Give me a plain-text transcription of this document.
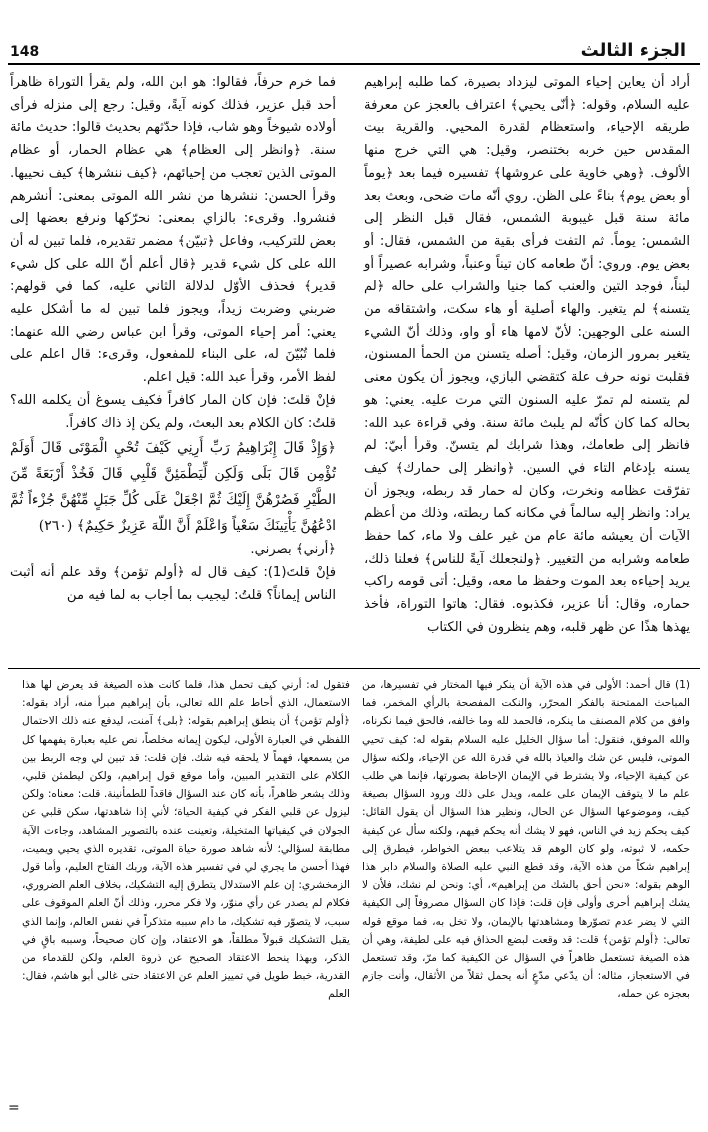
148	الجزء الثالث

أراد أن يعاين إحياء الموتى ليزداد بصيرة، كما طلبه إبراهيم عليه السلام، وقوله: ﴿أنّى يحيي﴾ اعتراف بالعجز عن معرفة طريقه الإحياء، واستعظام لقدرة المحيي. والقرية بيت المقدس حين خربه بختنصر، وقيل: هي التي خرج منها الألوف. ﴿وهي خاوية على عروشها﴾ تفسيره فيما بعد ﴿يوماً أو بعض يوم﴾ بناءً على الظن. روي أنّه مات ضحى، وبعث بعد مائة سنة قبل غيبوبة الشمس، فقال قبل النظر إلى الشمس: يوماً. ثم التفت فرأى بقية من الشمس، فقال: أو بعض يوم. وروي: أنّ طعامه كان تيناً وعنباً، وشرابه عصيراً أو لبناً، فوجد التين والعنب كما جنيا والشراب على حاله ﴿لم يتسنه﴾ لم يتغير. والهاء أصلية أو هاء سكت، واشتقاقه من السنه على الوجهين: لأنّ لامها هاء أو واو، وذلك أنّ الشيء يتغير بمرور الزمان، وقيل: أصله يتسنن من الحمأ المسنون، فقلبت نونه حرف علة كتقضي البازي، ويجوز أن يكون معنى لم يتسنه لم تمرّ عليه السنون التي مرت عليه. يعني: هو بحاله كما كان كأنّه لم يلبث مائة سنة. وفي قراءة عبد الله: فانظر إلى طعامك، وهذا شرابك لم يتسنّ. وقرأ أبيّ: لم يسنه بإدغام التاء في السين. ﴿وانظر إلى حمارك﴾ كيف تفرّقت عظامه ونخرت، وكان له حمار قد ربطه، ويجوز أن يراد: وانظر إليه سالماً في مكانه كما ربطته، وذلك من أعظم الآيات أن يعيشه مائة عام من غير علف ولا ماء، كما حفظ طعامه وشرابه من التغيير. ﴿ولنجعلك آيةً للناس﴾ فعلنا ذلك، يريد إحياءه بعد الموت وحفظ ما معه، وقيل: أتى قومه راكب حماره، وقال: أنا عزير، فكذبوه. فقال: هاتوا التوراة، فأخذ يهذها هذًا عن ظهر قلبه، وهم ينظرون في الكتاب

فما خرم حرفاً، فقالوا: هو ابن الله، ولم يقرأ التوراة ظاهراً أحد قبل عزير، فذلك كونه آيةً، وقيل: رجع إلى منزله فرأى أولاده شيوخاً وهو شاب، فإذا حدّثهم بحديث قالوا: حديث مائة سنة. ﴿وانظر إلى العظام﴾ هي عظام الحمار، أو عظام الموتى الذين تعجب من إحيائهم، ﴿كيف ننشرها﴾ كيف نحييها. وقرأ الحسن: ننشرها من نشر الله الموتى بمعنى: أنشرهم فنشروا. وقرىء: بالزاي بمعنى: نحرّكها ونرفع بعضها إلى بعض للتركيب، وفاعل ﴿تبيّن﴾ مضمر تقديره، فلما تبين له أن الله على كل شيء قدير ﴿قال أعلم أنّ الله على كل شيء قدير﴾ فحذف الأوّل لدلالة الثاني عليه، كما في قولهم: ضربني وضربت زيداً، ويجوز فلما تبين له ما أشكل عليه يعني: أمر إحياء الموتى، وقرأ ابن عباس رضي الله عنهما: فلما تُبُيّنَ له، على البناء للمفعول، وقرىء: قال اعلم على لفظ الأمر، وقرأ عبد الله: قيل اعلم.

فإنْ قلتَ: فإن كان المار كافراً فكيف يسوغ أن يكلمه الله؟ قلتُ: كان الكلام بعد البعث، ولم يكن إذ ذاك كافراً.

﴿وَإِذْ قَالَ إِبْرَاهِيمُ رَبِّ أَرِنِي كَيْفَ تُحْيِ الْمَوْتَى قَالَ أَوَلَمْ تُؤْمِن قَالَ بَلَى وَلَكِن لِّيَطْمَئِنَّ قَلْبِي قَالَ فَخُذْ أَرْبَعَةً مِّنَ الطَّيْرِ فَصُرْهُنَّ إِلَيْكَ ثُمَّ اجْعَلْ عَلَى كُلِّ جَبَلٍ مِّنْهُنَّ جُزْءاً ثُمَّ ادْعُهُنَّ يَأْتِينَكَ سَعْياً وَاعْلَمْ أَنَّ اللّهَ عَزِيزٌ حَكِيمٌ﴾ (٢٦٠)

﴿أرني﴾ بصرني.

فإنْ قلتَ(1): كيف قال له ﴿أولم تؤمن﴾ وقد علم أنه أثبت الناس إيماناً؟ قلتُ: ليجيب بما أجاب به لما فيه من

(1) قال أحمد: الأولى في هذه الآية أن ينكر فيها المختار في تفسيرها، من المباحث الممتحنة بالفكر المحرّر، والنكت المفصحة بالرأي المخمر، فما وافق من كلام المصنف ما ينكره، فالحمد لله وما خالفه، فالحق فيما نكرناه، والله الموفق، فنقول: أما سؤال الخليل عليه السلام بقوله له: كيف تحيي الموتى، فليس عن شك والعياذ بالله في قدرة الله عن الإحياء، ولكنه سؤال عن كيفية الإحياء، ولا يشترط في الإيمان الإحاطة بصورتها، فإنما هي طلب علم ما لا يتوقف الإيمان على علمه، ويدل على ذلك ورود السؤال بصيغة كيف، وموضوعها السؤال عن الحال، ونظير هذا السؤال أن يقول القائل: كيف يحكم زيد في الناس، فهو لا يشك أنه يحكم فيهم، ولكنه سأل عن كيفية حكمه، لا ثبوته، ولو كان الوهم قد يتلاعب ببعض الخواطر، فيطرق إلى إبراهيم شكاً من هذه الآية، وقد قطع النبي عليه الصلاة والسلام دابر هذا الوهم بقوله: «نحن أحق بالشك من إبراهيم»، أي: ونحن لم نشك، فلأن لا يشك إبراهيم أحرى وأولى فإن قلت: فإذا كان السؤال مصروفاً إلى الكيفية التي لا يضر عدم تصوّرها ومشاهدتها بالإيمان، ولا تخل به، فما موقع قوله تعالى: ﴿أولم تؤمن﴾ قلت: قد وقعت لبضع الحذاق فيه على لطيفة، وهي أن هذه الصيغة تستعمل ظاهراً في السؤال عن الكيفية كما مرّ، وقد تستعمل في الاستعجاز، مثاله: أن يدّعي مدّعٍ أنه يحمل ثقلاً من الأثقال، وأنت جازم بعجزه عن حمله،

فتقول له: أرني كيف تحمل هذا، فلما كانت هذه الصيغة قد يعرض لها هذا الاستعمال، الذي أحاط علم الله تعالى، بأن إبراهيم مبرأ منه، أراد بقوله: ﴿أولم تؤمن﴾ أن ينطق إبراهيم بقوله: ﴿بلى﴾ آمنت، ليدفع عنه ذلك الاحتمال اللفظي في العبارة الأولى، ليكون إيمانه مخلصاً، نص عليه بعبارة يفهمها كل من يسمعها، فهماً لا يلحقه فيه شك. فإن قلت: قد تبين لي وجه الربط بين الكلام على التقدير المبين، وأما موقع قول إبراهيم، ولكن ليطمئن قلبي، وذلك يشعر ظاهراً، بأنه كان عند السؤال فاقداً للطمأنينة. قلت: معناه: ولكن ليزول عن قلبي الفكر في كيفية الحياة؛ لأني إذا شاهدتها، سكن قلبي عن الجولان في كيفياتها المتخيلة، وتعينت عنده بالتصوير المشاهد، وجاءت الآية مطابقة لسؤالي؛ لأنه شاهد صورة حياة الموتى، تقديره الذي يحيي ويميت، فهذا أحسن ما يجري لي في تفسير هذه الآية، وربك الفتاح العليم، وأما قول الزمخشري: إن علم الاستدلال يتطرق إليه التشكيك، بخلاف العلم الضروري، فكلام لم يصدر عن رأي منوّر، ولا فكر محرر، وذلك أنّ العلم الموقوف على سبب، لا يتصوّر فيه تشكيك، ما دام سببه متذكراً في نفس العالم، وإنما الذي يقبل التشكيك قبولاً مطلقاً، هو الاعتقاد، وإن كان صحيحاً، وسببه باقٍ في الذكر، وبهذا ينحط الاعتقاد الصحيح عن ذروة العلم، ولكن للقدماء من القدرية، خبط طويل في تمييز العلم عن الاعتقاد حتى غالى أبو هاشم، فقال: العلم

=
